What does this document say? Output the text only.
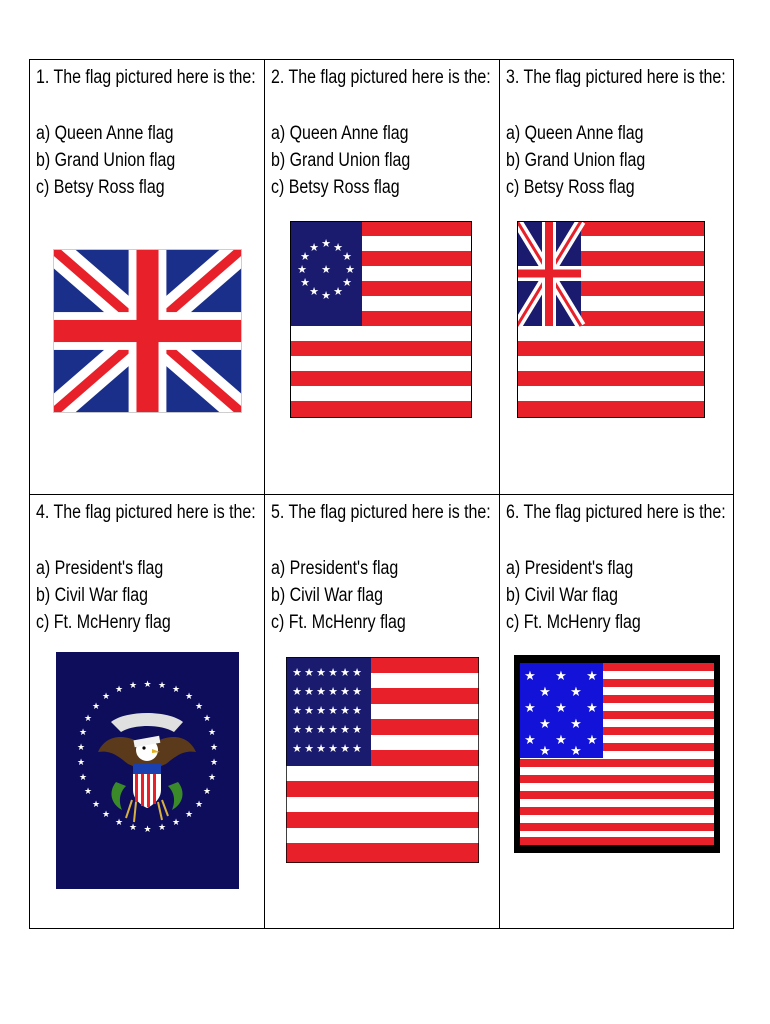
1. The flag pictured here is the:
a) Queen Anne flag
b) Grand Union flag
c) Betsy Ross flag
2. The flag pictured here is the:
a) Queen Anne flag
b) Grand Union flag
c) Betsy Ross flag
★ ★
★
★
★
★
★
★
★
★
★
★
★
3. The flag pictured here is the:
a) Queen Anne flag
b) Grand Union flag
c) Betsy Ross flag
4. The flag pictured here is the:
a) President's flag
b) Civil War flag
c) Ft. McHenry flag
★ ★ ★
★
★
★
★
★
★
★
★
★
★
★
★
★
★
★
★
★
★
★
★
★
★
★
★
★
★ ★
5. The flag pictured here is the:
a) President's flag
b) Civil War flag
c) Ft. McHenry flag
★ ★ ★ ★ ★ ★
★ ★ ★ ★ ★ ★
★ ★ ★ ★ ★ ★
★ ★ ★ ★ ★ ★
★ ★ ★ ★ ★ ★
6. The flag pictured here is the:
a) President's flag
b) Civil War flag
c) Ft. McHenry flag
★ ★ ★
★ ★
★ ★ ★
★ ★
★ ★ ★
★ ★
